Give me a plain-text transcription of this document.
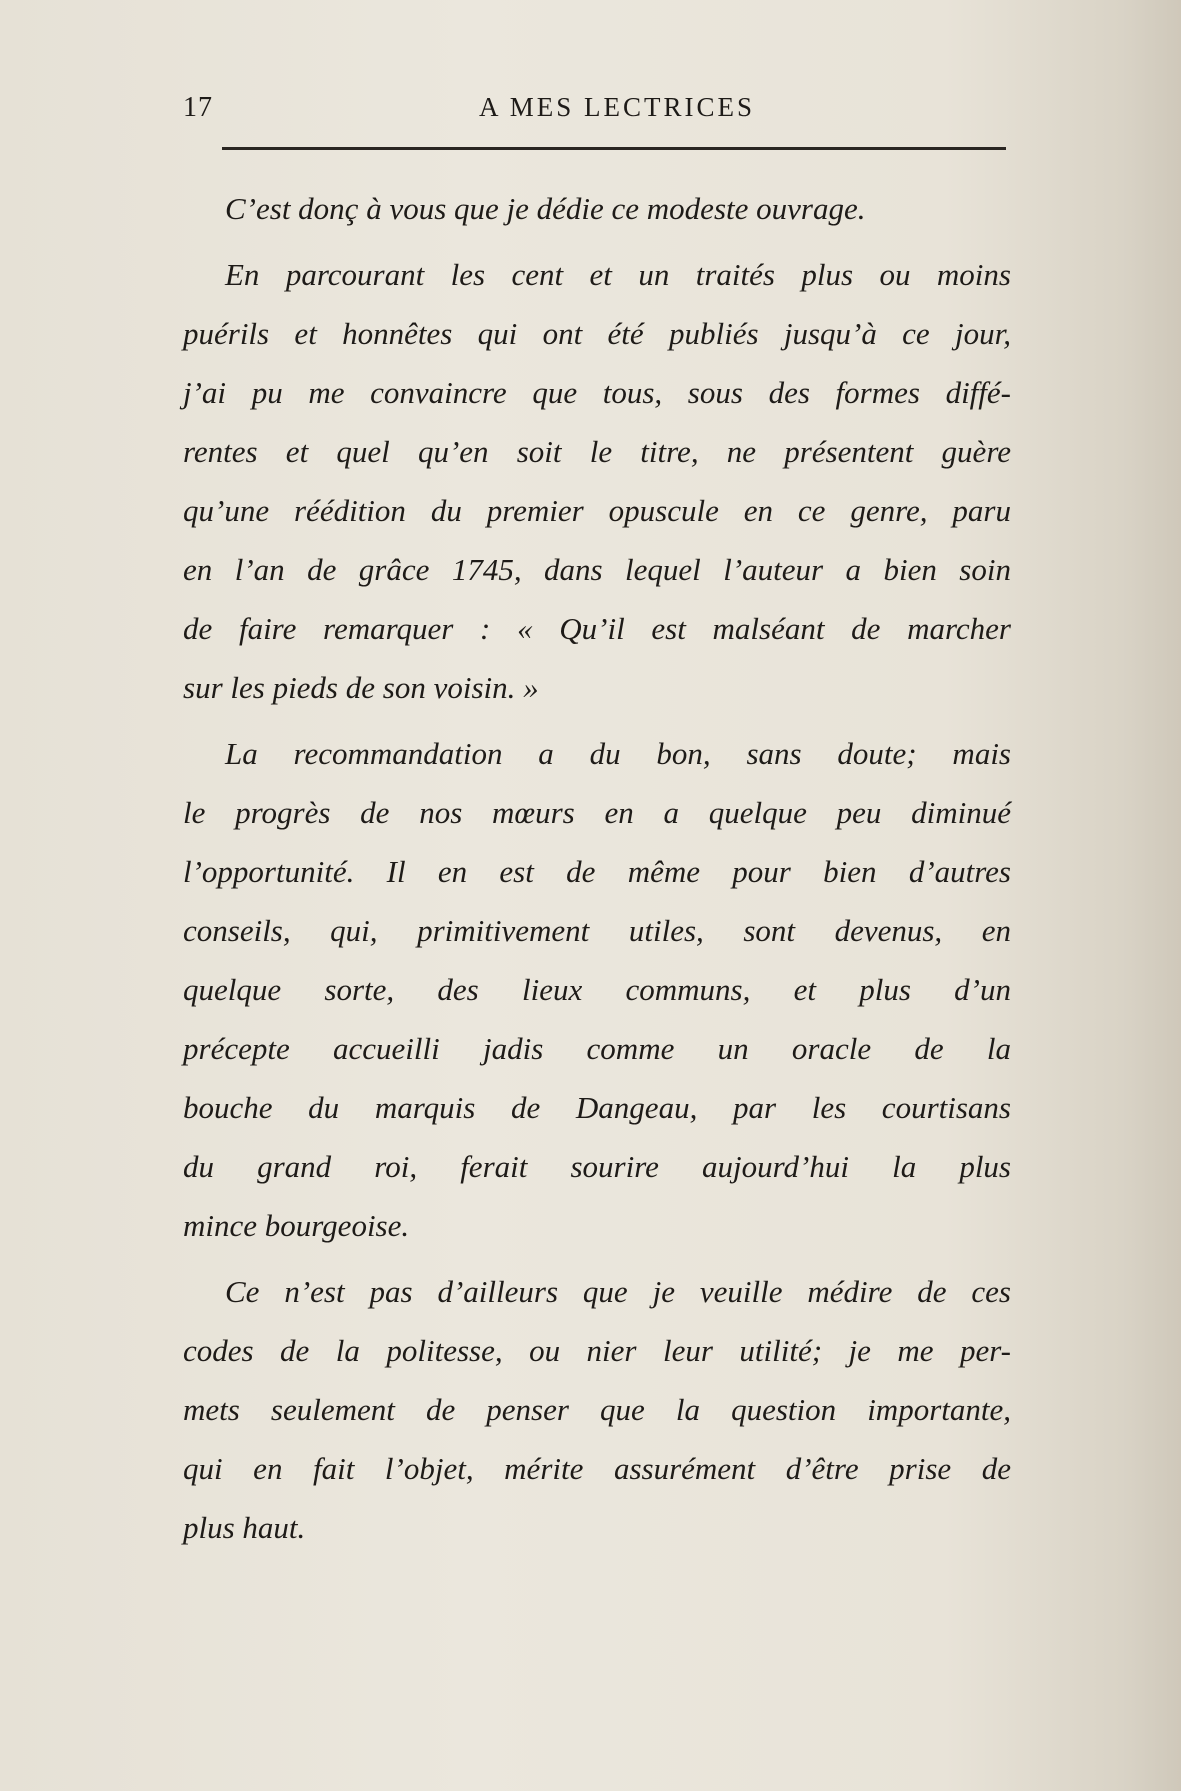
17	A MES LECTRICES
C’est donç à vous que je dédie ce modeste ouvrage.
En parcourant les cent et un traités plus ou moins
puérils et honnêtes qui ont été publiés jusqu’à ce jour,
j’ai pu me convaincre que tous, sous des formes diffé-
rentes et quel qu’en soit le titre, ne présentent guère
qu’une réédition du premier opuscule en ce genre, paru
en l’an de grâce 1745, dans lequel l’auteur a bien soin
de faire remarquer : « Qu’il est malséant de marcher
sur les pieds de son voisin. »
La recommandation a du bon, sans doute; mais
le progrès de nos mœurs en a quelque peu diminué
l’opportunité. Il en est de même pour bien d’autres
conseils, qui, primitivement utiles, sont devenus, en
quelque sorte, des lieux communs, et plus d’un
précepte accueilli jadis comme un oracle de la
bouche du marquis de Dangeau, par les courtisans
du grand roi, ferait sourire aujourd’hui la plus
mince bourgeoise.
Ce n’est pas d’ailleurs que je veuille médire de ces
codes de la politesse, ou nier leur utilité; je me per-
mets seulement de penser que la question importante,
qui en fait l’objet, mérite assurément d’être prise de
plus haut.
